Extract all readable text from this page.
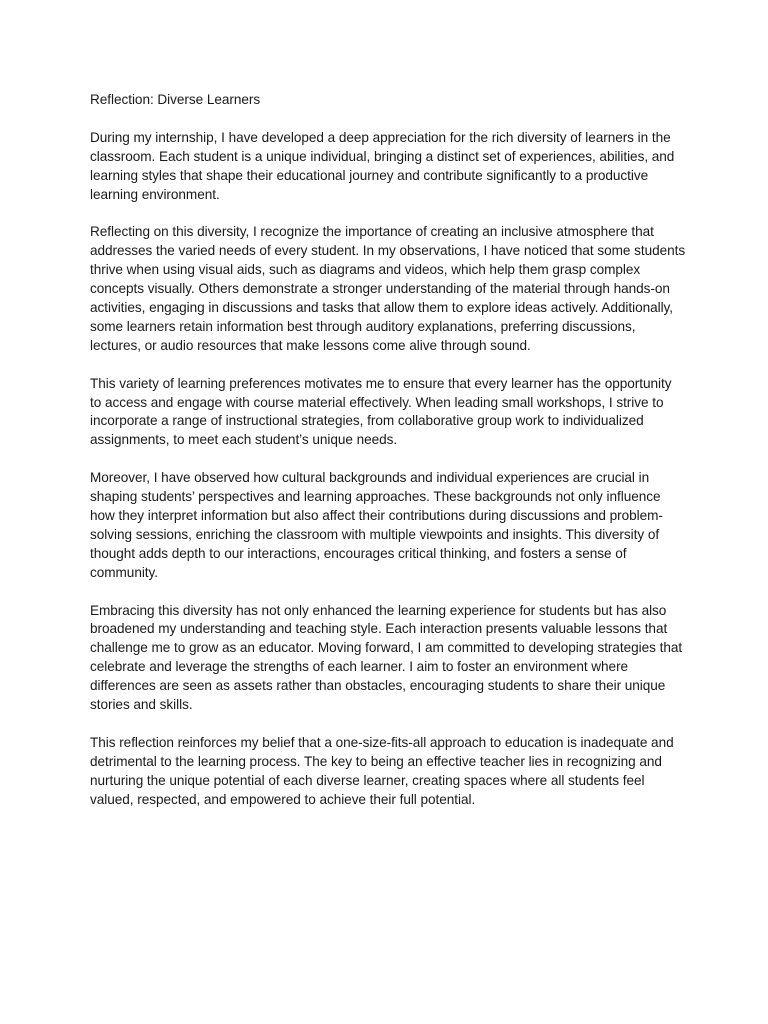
Reflection: Diverse Learners

During my internship, I have developed a deep appreciation for the rich diversity of learners in the classroom. Each student is a unique individual, bringing a distinct set of experiences, abilities, and learning styles that shape their educational journey and contribute significantly to a productive learning environment.

Reflecting on this diversity, I recognize the importance of creating an inclusive atmosphere that addresses the varied needs of every student. In my observations, I have noticed that some students thrive when using visual aids, such as diagrams and videos, which help them grasp complex concepts visually. Others demonstrate a stronger understanding of the material through hands-on activities, engaging in discussions and tasks that allow them to explore ideas actively. Additionally, some learners retain information best through auditory explanations, preferring discussions, lectures, or audio resources that make lessons come alive through sound.

This variety of learning preferences motivates me to ensure that every learner has the opportunity to access and engage with course material effectively. When leading small workshops, I strive to incorporate a range of instructional strategies, from collaborative group work to individualized assignments, to meet each student’s unique needs.

Moreover, I have observed how cultural backgrounds and individual experiences are crucial in shaping students’ perspectives and learning approaches. These backgrounds not only influence how they interpret information but also affect their contributions during discussions and problem-solving sessions, enriching the classroom with multiple viewpoints and insights. This diversity of thought adds depth to our interactions, encourages critical thinking, and fosters a sense of community.

Embracing this diversity has not only enhanced the learning experience for students but has also broadened my understanding and teaching style. Each interaction presents valuable lessons that challenge me to grow as an educator. Moving forward, I am committed to developing strategies that celebrate and leverage the strengths of each learner. I aim to foster an environment where differences are seen as assets rather than obstacles, encouraging students to share their unique stories and skills.

This reflection reinforces my belief that a one-size-fits-all approach to education is inadequate and detrimental to the learning process. The key to being an effective teacher lies in recognizing and nurturing the unique potential of each diverse learner, creating spaces where all students feel valued, respected, and empowered to achieve their full potential.
